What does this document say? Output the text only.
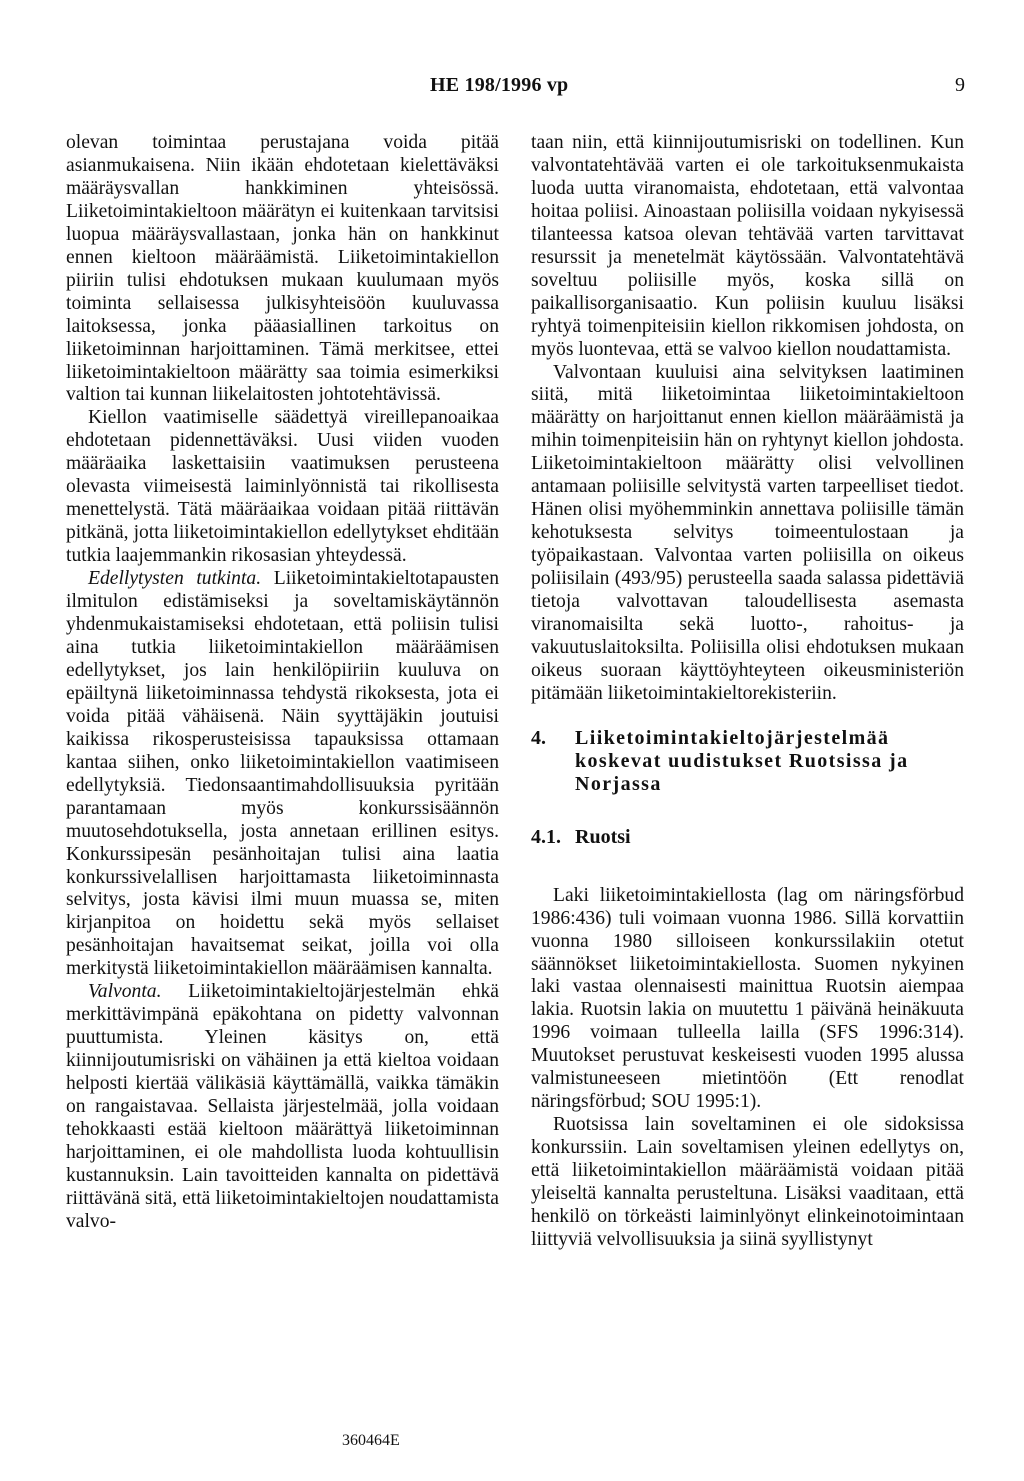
HE 198/1996 vp	9

olevan toimintaa perustajana voida pitää asianmukaisena. Niin ikään ehdotetaan kielettäväksi määräysvallan hankkiminen yhteisössä. Liiketoimintakieltoon määrätyn ei kuitenkaan tarvitsisi luopua määräysvallastaan, jonka hän on hankkinut ennen kieltoon määräämistä. Liiketoimintakiellon piiriin tulisi ehdotuksen mukaan kuulumaan myös toiminta sellaisessa julkisyhteisöön kuuluvassa laitoksessa, jonka pääasiallinen tarkoitus on liiketoiminnan harjoittaminen. Tämä merkitsee, ettei liiketoimintakieltoon määrätty saa toimia esimerkiksi valtion tai kunnan liikelaitosten johtotehtävissä.

Kiellon vaatimiselle säädettyä vireillepanoaikaa ehdotetaan pidennettäväksi. Uusi viiden vuoden määräaika laskettaisiin vaatimuksen perusteena olevasta viimeisestä laiminlyönnistä tai rikollisesta menettelystä. Tätä määräaikaa voidaan pitää riittävän pitkänä, jotta liiketoimintakiellon edellytykset ehditään tutkia laajemmankin rikosasian yhteydessä.

Edellytysten tutkinta. Liiketoimintakieltotapausten ilmitulon edistämiseksi ja soveltamiskäytännön yhdenmukaistamiseksi ehdotetaan, että poliisin tulisi aina tutkia liiketoimintakiellon määräämisen edellytykset, jos lain henkilöpiiriin kuuluva on epäiltynä liiketoiminnassa tehdystä rikoksesta, jota ei voida pitää vähäisenä. Näin syyttäjäkin joutuisi kaikissa rikosperusteisissa tapauksissa ottamaan kantaa siihen, onko liiketoimintakiellon vaatimiseen edellytyksiä. Tiedonsaantimahdollisuuksia pyritään parantamaan myös konkurssisäännön muutosehdotuksella, josta annetaan erillinen esitys. Konkurssipesän pesänhoitajan tulisi aina laatia konkurssivelallisen harjoittamasta liiketoiminnasta selvitys, josta kävisi ilmi muun muassa se, miten kirjanpitoa on hoidettu sekä myös sellaiset pesänhoitajan havaitsemat seikat, joilla voi olla merkitystä liiketoimintakiellon määräämisen kannalta.

Valvonta. Liiketoimintakieltojärjestelmän ehkä merkittävimpänä epäkohtana on pidetty valvonnan puuttumista. Yleinen käsitys on, että kiinnijoutumisriski on vähäinen ja että kieltoa voidaan helposti kiertää välikäsiä käyttämällä, vaikka tämäkin on rangaistavaa. Sellaista järjestelmää, jolla voidaan tehokkaasti estää kieltoon määrättyä liiketoiminnan harjoittaminen, ei ole mahdollista luoda kohtuullisin kustannuksin. Lain tavoitteiden kannalta on pidettävä riittävänä sitä, että liiketoimintakieltojen noudattamista valvo-

taan niin, että kiinnijoutumisriski on todellinen. Kun valvontatehtävää varten ei ole tarkoituksenmukaista luoda uutta viranomaista, ehdotetaan, että valvontaa hoitaa poliisi. Ainoastaan poliisilla voidaan nykyisessä tilanteessa katsoa olevan tehtävää varten tarvittavat resurssit ja menetelmät käytössään. Valvontatehtävä soveltuu poliisille myös, koska sillä on paikallisorganisaatio. Kun poliisin kuuluu lisäksi ryhtyä toimenpiteisiin kiellon rikkomisen johdosta, on myös luontevaa, että se valvoo kiellon noudattamista.

Valvontaan kuuluisi aina selvityksen laatiminen siitä, mitä liiketoimintaa liiketoimintakieltoon määrätty on harjoittanut ennen kiellon määräämistä ja mihin toimenpiteisiin hän on ryhtynyt kiellon johdosta. Liiketoimintakieltoon määrätty olisi velvollinen antamaan poliisille selvitystä varten tarpeelliset tiedot. Hänen olisi myöhemminkin annettava poliisille tämän kehotuksesta selvitys toimeentulostaan ja työpaikastaan. Valvontaa varten poliisilla on oikeus poliisilain (493/95) perusteella saada salassa pidettäviä tietoja valvottavan taloudellisesta asemasta viranomaisilta sekä luotto-, rahoitus- ja vakuutuslaitoksilta. Poliisilla olisi ehdotuksen mukaan oikeus suoraan käyttöyhteyteen oikeusministeriön pitämään liiketoimintakieltorekisteriin.

4.	Liiketoimintakieltojärjestelmää koskevat uudistukset Ruotsissa ja Norjassa
4.1. Ruotsi

Laki liiketoimintakiellosta (lag om näringsförbud 1986:436) tuli voimaan vuonna 1986. Sillä korvattiin vuonna 1980 silloiseen konkurssilakiin otetut säännökset liiketoimintakiellosta. Suomen nykyinen laki vastaa olennaisesti mainittua Ruotsin aiempaa lakia. Ruotsin lakia on muutettu 1 päivänä heinäkuuta 1996 voimaan tulleella lailla (SFS 1996:314). Muutokset perustuvat keskeisesti vuoden 1995 alussa valmistuneeseen mietintöön (Ett renodlat näringsförbud; SOU 1995:1).

Ruotsissa lain soveltaminen ei ole sidoksissa konkurssiin. Lain soveltamisen yleinen edellytys on, että liiketoimintakiellon määräämistä voidaan pitää yleiseltä kannalta perusteltuna. Lisäksi vaaditaan, että henkilö on törkeästi laiminlyönyt elinkeinotoimintaan liittyviä velvollisuuksia ja siinä syyllistynyt

360464E
